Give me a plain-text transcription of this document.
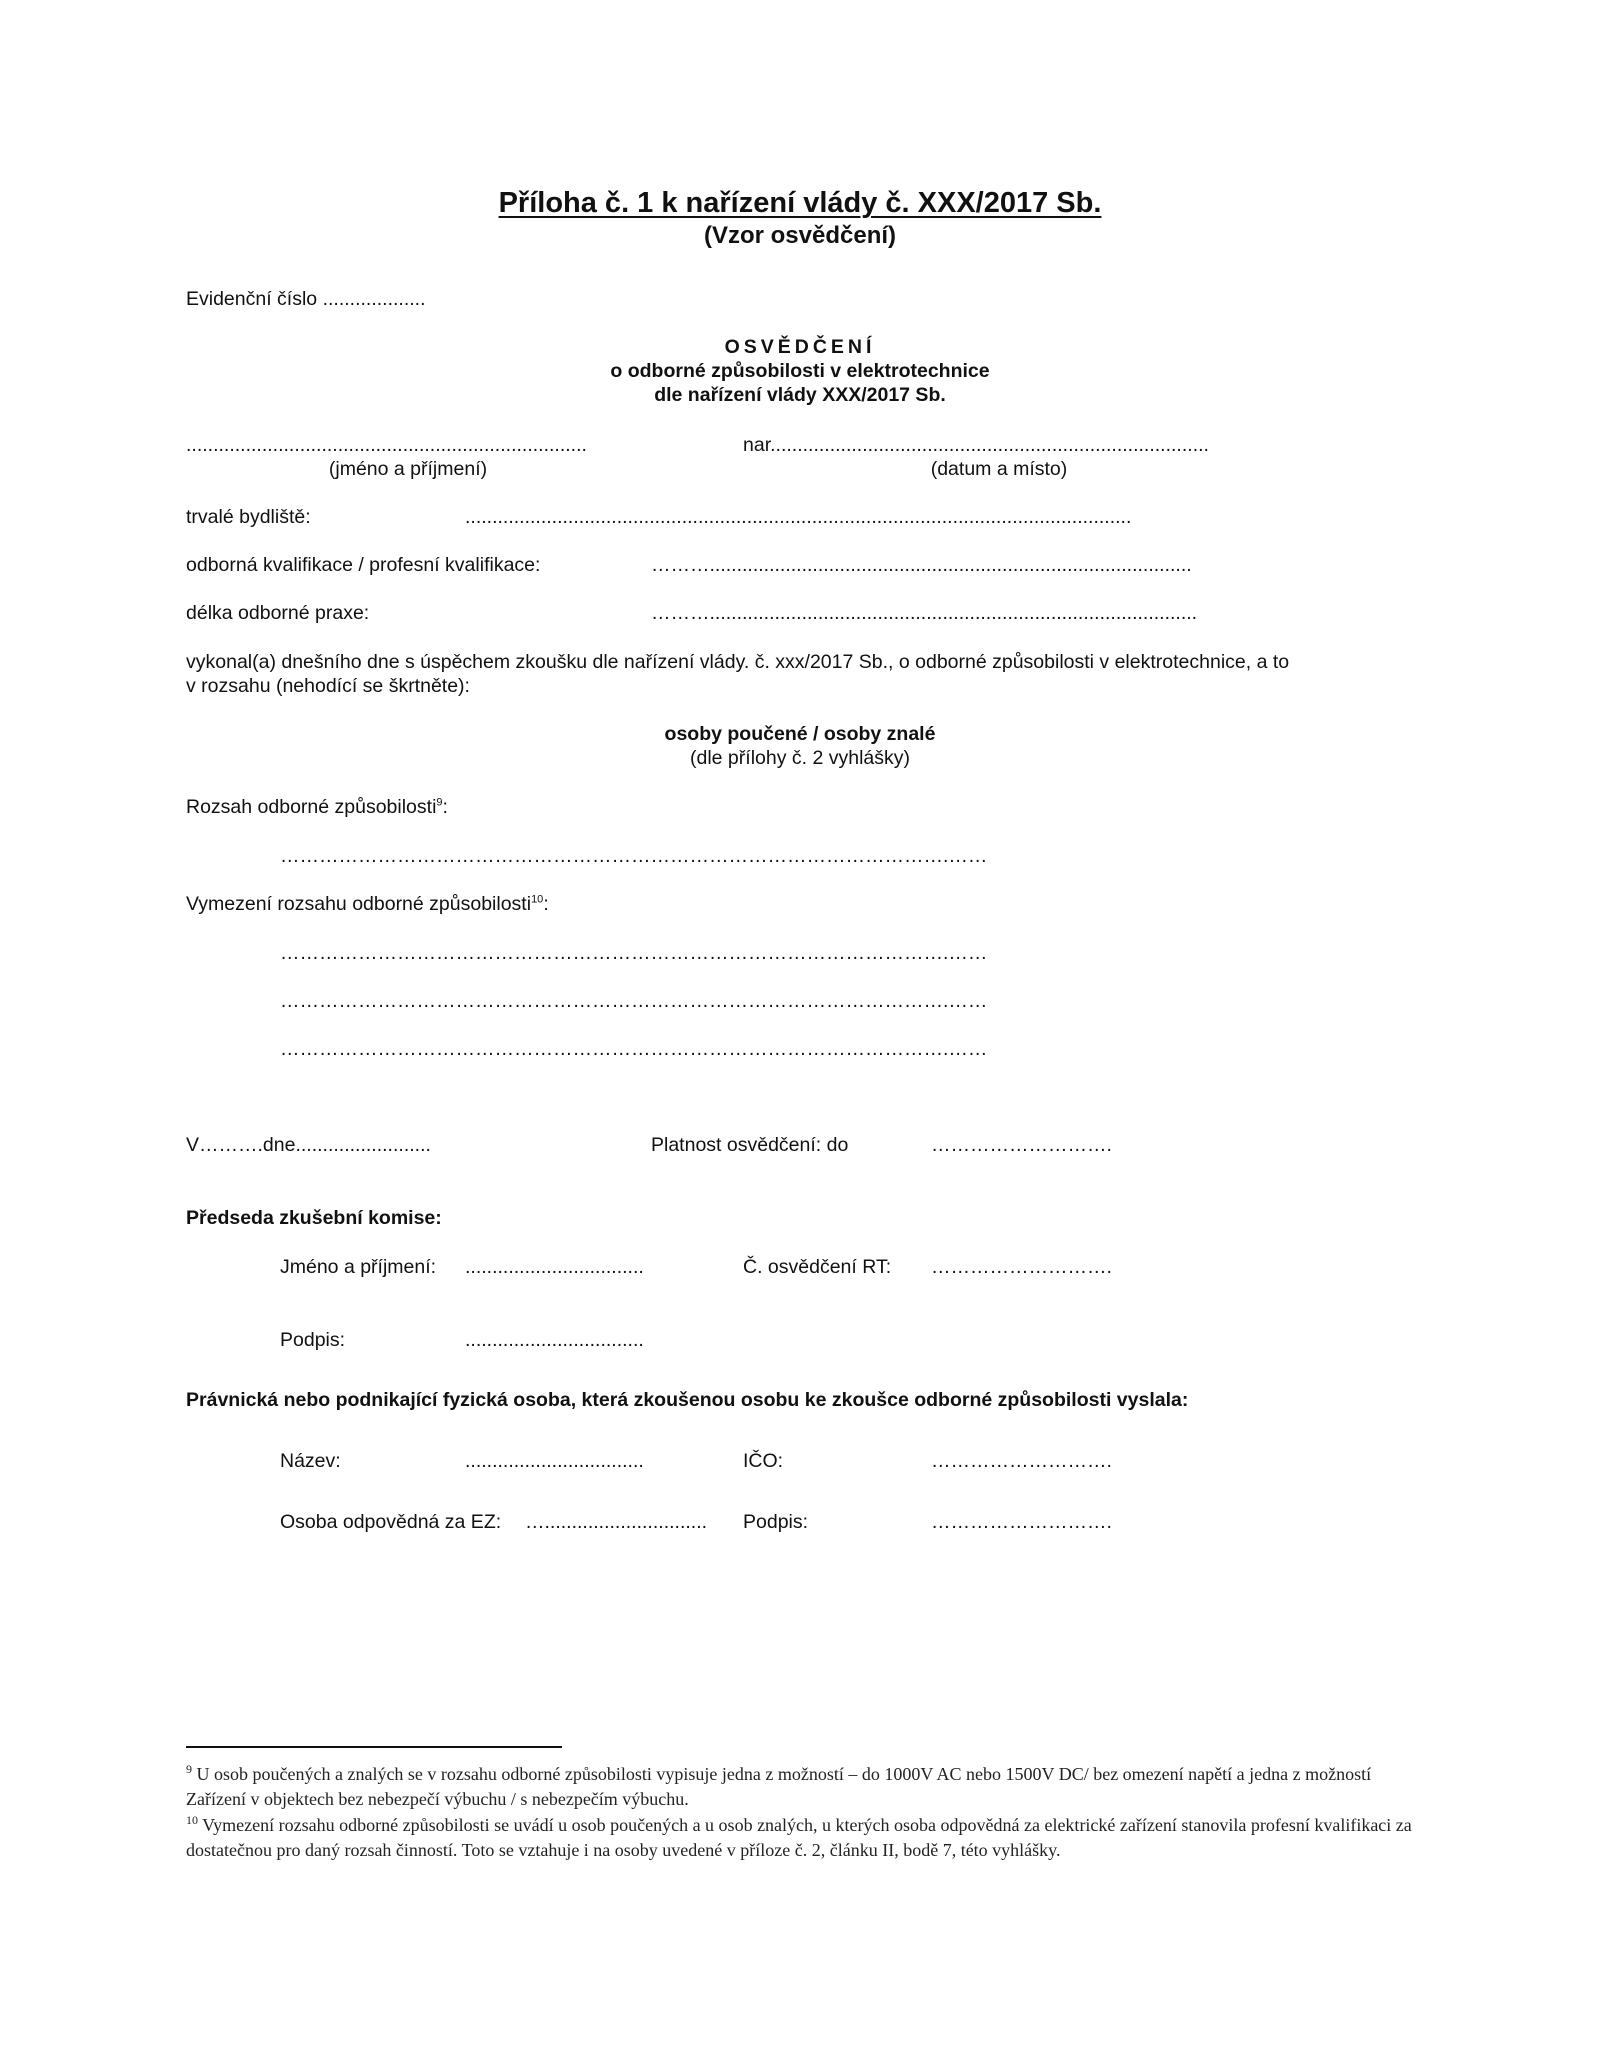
Příloha č. 1 k nařízení vlády č. XXX/2017 Sb.
(Vzor osvědčení)
Evidenční číslo ...................
OSVĚDČENÍ
o odborné způsobilosti v elektrotechnice
dle nařízení vlády XXX/2017 Sb.
..........................................................................
(jméno a příjmení)
nar.................................................................................
(datum a místo)
trvalé bydliště:	...........................................................................................................................
odborná kvalifikace / profesní kvalifikace:	……….........................................................................................
délka odborné praxe:	………..........................................................................................
vykonal(a) dnešního dne s úspěchem zkoušku dle nařízení vlády. č. xxx/2017 Sb., o odborné způsobilosti v elektrotechnice, a to
v rozsahu (nehodící se škrtněte):
osoby poučené / osoby znalé
(dle přílohy č. 2 vyhlášky)
Rozsah odborné způsobilosti$^9$:
………………………………………………………………………………………….……
Vymezení rozsahu odborné způsobilosti$^{10}$:
………………………………………………………………………………………….……
………………………………………………………………………………………….……
………………………………………………………………………………………….……
V……….dne.........................	Platnost osvědčení: do	……………………….
Předseda zkušební komise:
Jméno a příjmení: .................................	Č. osvědčení RT: ……………………….
Podpis:	.................................
Právnická nebo podnikající fyzická osoba, která zkoušenou osobu ke zkoušce odborné způsobilosti vyslala:
Název:	.................................	IČO:	……………………….
Osoba odpovědná za EZ: ….............................. Podpis:	……………………….
$^9$ U osob poučených a znalých se v rozsahu odborné způsobilosti vypisuje jedna z možností – do 1000V AC nebo 1500V DC/ bez omezení napětí a jedna z možností Zařízení v objektech bez nebezpečí výbuchu / s nebezpečím výbuchu.
$^{10}$ Vymezení rozsahu odborné způsobilosti se uvádí u osob poučených a u osob znalých, u kterých osoba odpovědná za elektrické zařízení stanovila profesní kvalifikaci za dostatečnou pro daný rozsah činností. Toto se vztahuje i na osoby uvedené v příloze č. 2, článku II, bodě 7, této vyhlášky.
